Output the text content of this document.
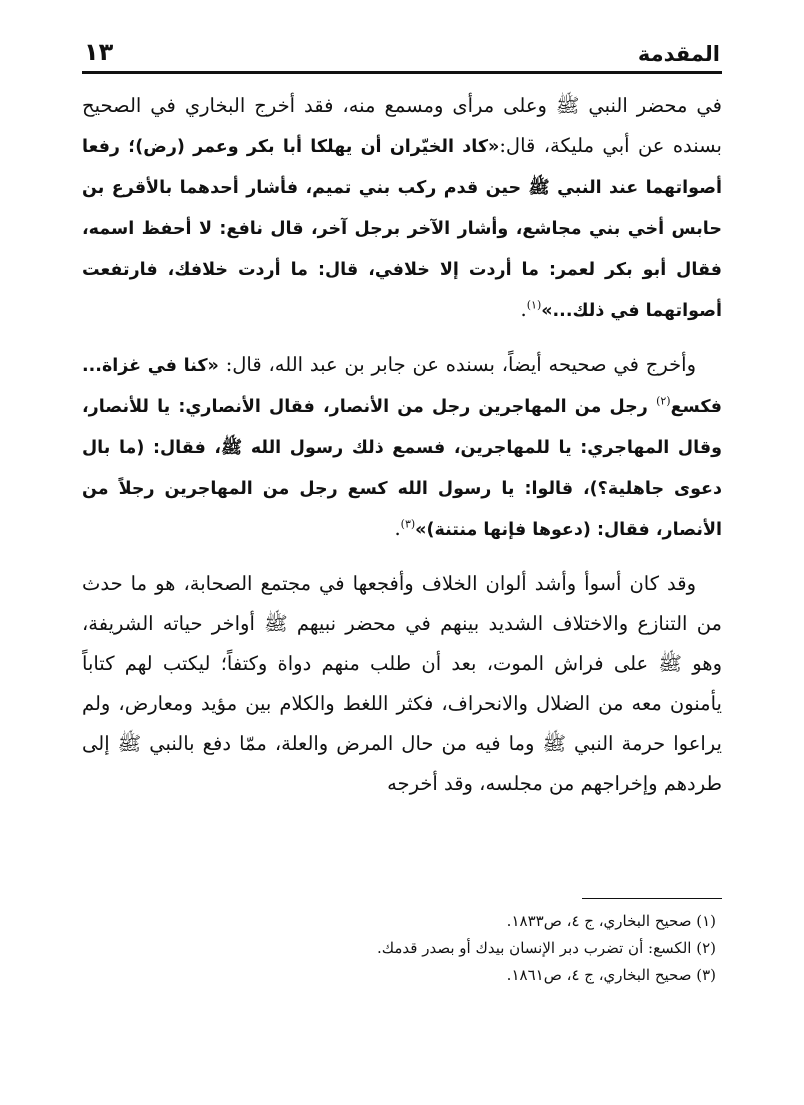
المقدمة
١٣

في محضر النبي ﷺ وعلى مرأى ومسمع منه، فقد أخرج البخاري في الصحيح بسنده عن أبي مليكة، قال:«كاد الخيّران أن يهلكا أبا بكر وعمر (رض)؛ رفعا أصواتهما عند النبي ﷺ حين قدم ركب بني تميم، فأشار أحدهما بالأقرع بن حابس أخي بني مجاشع، وأشار الآخر برجل آخر، قال نافع: لا أحفظ اسمه، فقال أبو بكر لعمر: ما أردت إلا خلافي، قال: ما أردت خلافك، فارتفعت أصواتهما في ذلك...»$^{(١)}$.

وأخرج في صحيحه أيضاً، بسنده عن جابر بن عبد الله، قال: «كنا في غزاة... فكسع$^{(٢)}$ رجل من المهاجرين رجل من الأنصار، فقال الأنصاري: يا للأنصار، وقال المهاجري: يا للمهاجرين، فسمع ذلك رسول الله ﷺ، فقال: (ما بال دعوى جاهلية؟)، قالوا: يا رسول الله كسع رجل من المهاجرين رجلاً من الأنصار، فقال: (دعوها فإنها منتنة)»$^{(٣)}$.

وقد كان أسوأ وأشد ألوان الخلاف وأفجعها في مجتمع الصحابة، هو ما حدث من التنازع والاختلاف الشديد بينهم في محضر نبيهم ﷺ أواخر حياته الشريفة، وهو ﷺ على فراش الموت، بعد أن طلب منهم دواة وكتفاً؛ ليكتب لهم كتاباً يأمنون معه من الضلال والانحراف، فكثر اللغط والكلام بين مؤيد ومعارض، ولم يراعوا حرمة النبي ﷺ وما فيه من حال المرض والعلة، ممّا دفع بالنبي ﷺ إلى طردهم وإخراجهم من مجلسه، وقد أخرجه

(١) صحيح البخاري، ج ٤، ص١٨٣٣.

(٢) الكسع: أن تضرب دبر الإنسان بيدك أو بصدر قدمك.

(٣) صحيح البخاري، ج ٤، ص١٨٦١.
